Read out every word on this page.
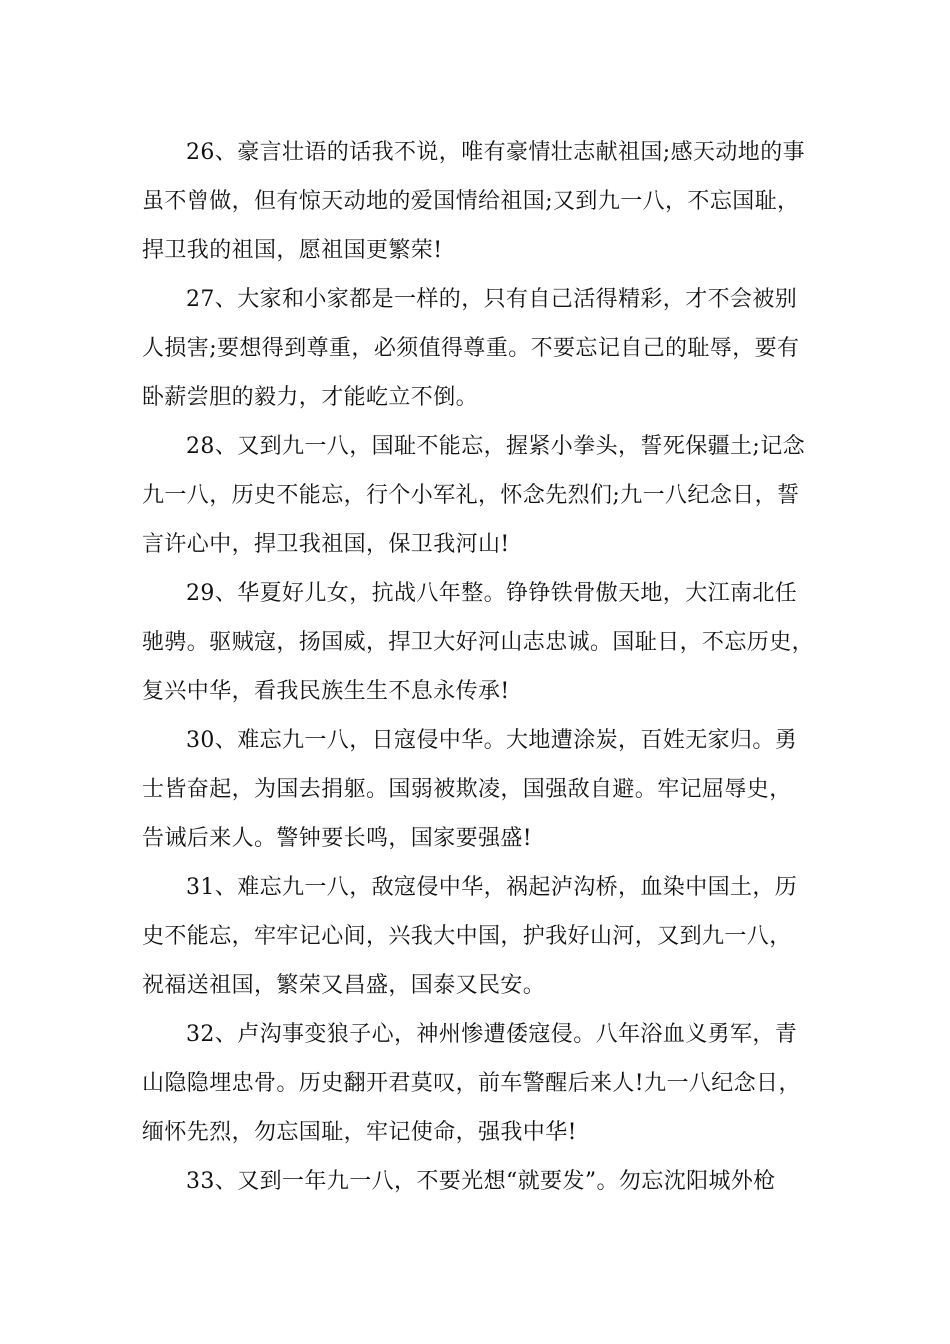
26、豪言壮语的话我不说，唯有豪情壮志献祖国;感天动地的事
虽不曾做，但有惊天动地的爱国情给祖国;又到九一八，不忘国耻，
捍卫我的祖国，愿祖国更繁荣!

27、大家和小家都是一样的，只有自己活得精彩，才不会被别
人损害;要想得到尊重，必须值得尊重。不要忘记自己的耻辱，要有
卧薪尝胆的毅力，才能屹立不倒。

28、又到九一八，国耻不能忘，握紧小拳头，誓死保疆土;记念
九一八，历史不能忘，行个小军礼，怀念先烈们;九一八纪念日，誓
言许心中，捍卫我祖国，保卫我河山!

29、华夏好儿女，抗战八年整。铮铮铁骨傲天地，大江南北任
驰骋。驱贼寇，扬国威，捍卫大好河山志忠诚。国耻日，不忘历史，
复兴中华，看我民族生生不息永传承!

30、难忘九一八，日寇侵中华。大地遭涂炭，百姓无家归。勇
士皆奋起，为国去捐躯。国弱被欺凌，国强敌自避。牢记屈辱史，
告诫后来人。警钟要长鸣，国家要强盛!

31、难忘九一八，敌寇侵中华，祸起泸沟桥，血染中国土，历
史不能忘，牢牢记心间，兴我大中国，护我好山河，又到九一八，
祝福送祖国，繁荣又昌盛，国泰又民安。

32、卢沟事变狼子心，神州惨遭倭寇侵。八年浴血义勇军，青
山隐隐埋忠骨。历史翻开君莫叹，前车警醒后来人!九一八纪念日，
缅怀先烈，勿忘国耻，牢记使命，强我中华!

33、又到一年九一八，不要光想“就要发”。勿忘沈阳城外枪
